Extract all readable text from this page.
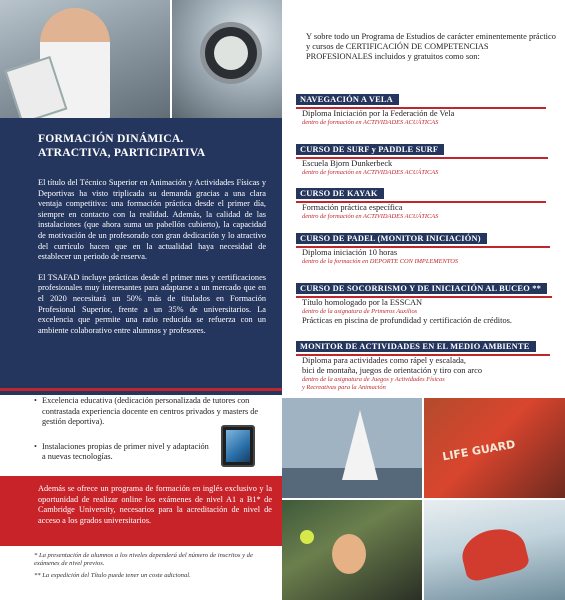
FORMACIÓN DINÁMICA.
ATRACTIVA, PARTICIPATIVA

El título del Técnico Superior en Animación y Actividades Físicas y Deportivas ha visto triplicada su demanda gracias a una clara ventaja competitiva: una formación práctica desde el primer día, siempre en contacto con la realidad. Además, la calidad de las instalaciones (que ahora suma un pabellón cubierto), la capacidad de motivación de un profesorado con gran dedicación y lo atractivo del currículo hacen que en la actualidad haya necesidad de establecer un periodo de reserva.

El TSAFAD incluye prácticas desde el primer mes y certificaciones profesionales muy interesantes para adaptarse a un mercado que en el 2020 necesitará un 50% más de titulados en Formación Profesional Superior, frente a un 35% de universitarios. La excelencia que permite una ratio reducida se refuerza con un ambiente colaborativo entre alumnos y profesores.

• Excelencia educativa (dedicación personalizada de tutores con contrastada experiencia docente en centros privados y masters de gestión deportiva).
• Instalaciones propias de primer nivel y adaptación a nuevas tecnologías.
Además se ofrece un programa de formación en inglés exclusivo y la oportunidad de realizar online los exámenes de nivel A1 a B1* de Cambridge University, necesarios para la acreditación de nivel de acceso a los grados universitarios.

* La presentación de alumnos a los niveles dependerá del número de inscritos y de exámenes de nivel previos.

** La expedición del Título puede tener un coste adicional.

Y sobre todo un Programa de Estudios de carácter eminentemente práctico y cursos de CERTIFICACIÓN DE COMPETENCIAS PROFESIONALES incluidos y gratuitos como son:
NAVEGACIÓN A VELA
Diploma Iniciación por la Federación de Vela
dentro de formación en ACTIVIDADES ACUÁTICAS
CURSO DE SURF y PADDLE SURF
Escuela Bjorn Dunkerbeck
dentro de formación en ACTIVIDADES ACUÁTICAS
CURSO DE KAYAK
Formación práctica específica
dentro de formación en ACTIVIDADES ACUÁTICAS
CURSO DE PADEL (MONITOR INICIACIÓN)
Diploma iniciación 10 horas
dentro de la formación en DEPORTE CON IMPLEMENTOS
CURSO DE SOCORRISMO Y DE INICIACIÓN AL BUCEO **
Título homologado por la ESSCAN
dentro de la asignatura de Primeros Auxilios
Prácticas en piscina de profundidad y certificación de créditos.
MONITOR DE ACTIVIDADES EN EL MEDIO AMBIENTE
Diploma para actividades como rápel y escalada,
bici de montaña, juegos de orientación y tiro con arco
dentro de la asignatura de Juegos y Actividades Físicas
y Recreativas para la Animación
LIFE GUARD
